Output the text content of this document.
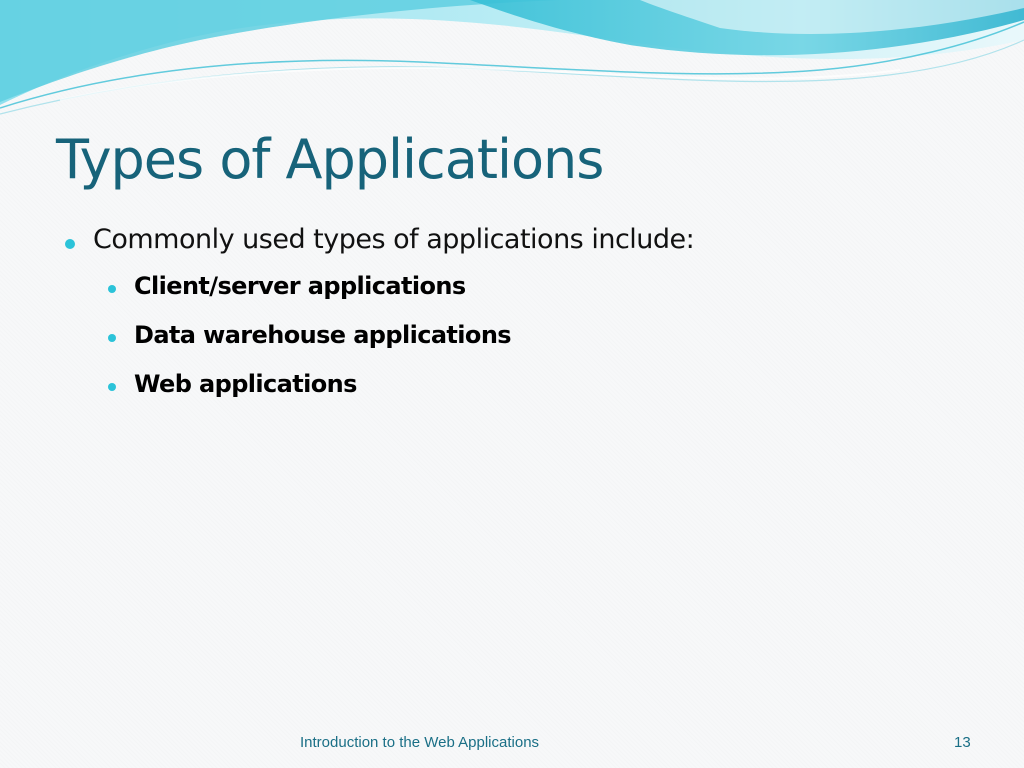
Types of Applications
Commonly used types of applications include:
Client/server applications
Data warehouse applications
Web applications
Introduction to the Web Applications	13
